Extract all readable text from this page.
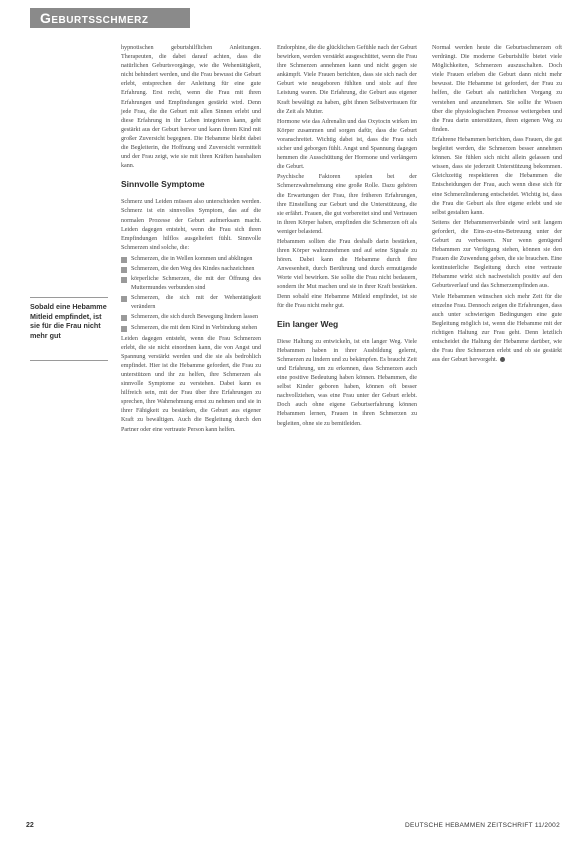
Geburtsschmerz
Sobald eine Hebamme Mitleid empfindet, ist sie für die Frau nicht mehr gut

hypnotischen geburtshilflichen Anleitungen. Therapeuten, die dabei darauf achten, dass die natürlichen Geburtsvorgänge, wie die Wehentätigkeit, nicht behindert werden, und die Frau bewusst die Geburt erlebt, entsprechen der Anleitung für eine gute Erfahrung. Erst recht, wenn die Frau mit ihren Erfahrungen und Empfindungen gestärkt wird. Denn jede Frau, die die Geburt mit allen Sinnen erlebt und diese Erfahrung in ihr Leben integrieren kann, geht gestärkt aus der Geburt hervor und kann ihrem Kind mit großer Zuversicht begegnen. Die Hebamme bleibt dabei die Begleiterin, die Hoffnung und Zuversicht vermittelt und der Frau zeigt, wie sie mit ihren Kräften haushalten kann.

Sinnvolle Symptome

Schmerz und Leiden müssen also unterschieden werden. Schmerz ist ein sinnvolles Symptom, das auf die normalen Prozesse der Geburt aufmerksam macht. Leiden dagegen entsteht, wenn die Frau sich ihren Empfindungen hilflos ausgeliefert fühlt. Sinnvolle Schmerzen sind solche, die:

Schmerzen, die in Wellen kommen und abklingen
Schmerzen, die den Weg des Kindes nachzeichnen
körperliche Schmerzen, die mit der Öffnung des Muttermundes verbunden sind
Schmerzen, die sich mit der Wehentätigkeit verändern
Schmerzen, die sich durch Bewegung lindern lassen
Schmerzen, die mit dem Kind in Verbindung stehen

Leiden dagegen entsteht, wenn die Frau Schmerzen erlebt, die sie nicht einordnen kann, die von Angst und Spannung verstärkt werden und die sie als bedrohlich empfindet. Hier ist die Hebamme gefordert, die Frau zu unterstützen und ihr zu helfen, ihre Schmerzen als sinnvolle Symptome zu verstehen. Dabei kann es hilfreich sein, mit der Frau über ihre Erfahrungen zu sprechen, ihre Wahrnehmung ernst zu nehmen und sie in ihrer Fähigkeit zu bestärken, die Geburt aus eigener Kraft zu bewältigen. Auch die Begleitung durch den Partner oder eine vertraute Person kann helfen.

Endorphine, die die glücklichen Gefühle nach der Geburt bewirken, werden verstärkt ausgeschüttet, wenn die Frau ihre Schmerzen annehmen kann und nicht gegen sie ankämpft. Viele Frauen berichten, dass sie sich nach der Geburt wie neugeboren fühlten und stolz auf ihre Leistung waren. Die Erfahrung, die Geburt aus eigener Kraft bewältigt zu haben, gibt ihnen Selbstvertrauen für die Zeit als Mutter.

Hormone wie das Adrenalin und das Oxytocin wirken im Körper zusammen und sorgen dafür, dass die Geburt voranschreitet. Wichtig dabei ist, dass die Frau sich sicher und geborgen fühlt. Angst und Spannung dagegen hemmen die Ausschüttung der Hormone und verlängern die Geburt.

Psychische Faktoren spielen bei der Schmerzwahrnehmung eine große Rolle. Dazu gehören die Erwartungen der Frau, ihre früheren Erfahrungen, ihre Einstellung zur Geburt und die Unterstützung, die sie erfährt. Frauen, die gut vorbereitet sind und Vertrauen in ihren Körper haben, empfinden die Schmerzen oft als weniger belastend.

Hebammen sollten die Frau deshalb darin bestärken, ihren Körper wahrzunehmen und auf seine Signale zu hören. Dabei kann die Hebamme durch ihre Anwesenheit, durch Berührung und durch ermutigende Worte viel bewirken. Sie sollte die Frau nicht bedauern, sondern ihr Mut machen und sie in ihrer Kraft bestärken. Denn sobald eine Hebamme Mitleid empfindet, ist sie für die Frau nicht mehr gut.

Ein langer Weg

Diese Haltung zu entwickeln, ist ein langer Weg. Viele Hebammen haben in ihrer Ausbildung gelernt, Schmerzen zu lindern und zu bekämpfen. Es braucht Zeit und Erfahrung, um zu erkennen, dass Schmerzen auch eine positive Bedeutung haben können. Hebammen, die selbst Kinder geboren haben, können oft besser nachvollziehen, was eine Frau unter der Geburt erlebt. Doch auch ohne eigene Geburtserfahrung können Hebammen lernen, Frauen in ihren Schmerzen zu begleiten, ohne sie zu bemitleiden.

Normal werden heute die Geburtsschmerzen oft verdrängt. Die moderne Geburtshilfe bietet viele Möglichkeiten, Schmerzen auszuschalten. Doch viele Frauen erleben die Geburt dann nicht mehr bewusst. Die Hebamme ist gefordert, der Frau zu helfen, die Geburt als natürlichen Vorgang zu verstehen und anzunehmen. Sie sollte ihr Wissen über die physiologischen Prozesse weitergeben und die Frau darin unterstützen, ihren eigenen Weg zu finden.

Erfahrene Hebammen berichten, dass Frauen, die gut begleitet werden, die Schmerzen besser annehmen können. Sie fühlen sich nicht allein gelassen und wissen, dass sie jederzeit Unterstützung bekommen. Gleichzeitig respektieren die Hebammen die Entscheidungen der Frau, auch wenn diese sich für eine Schmerzlinderung entscheidet. Wichtig ist, dass die Frau die Geburt als ihre eigene erlebt und sie selbst gestalten kann.

Seitens der Hebammenverbände wird seit langem gefordert, die Eins-zu-eins-Betreuung unter der Geburt zu verbessern. Nur wenn genügend Hebammen zur Verfügung stehen, können sie den Frauen die Zuwendung geben, die sie brauchen. Eine kontinuierliche Begleitung durch eine vertraute Hebamme wirkt sich nachweislich positiv auf den Geburtsverlauf und das Schmerzempfinden aus.

Viele Hebammen wünschen sich mehr Zeit für die einzelne Frau. Dennoch zeigen die Erfahrungen, dass auch unter schwierigen Bedingungen eine gute Begleitung möglich ist, wenn die Hebamme mit der richtigen Haltung zur Frau geht. Denn letztlich entscheidet die Haltung der Hebamme darüber, wie die Frau ihre Schmerzen erlebt und ob sie gestärkt aus der Geburt hervorgeht.

22	DEUTSCHE HEBAMMEN ZEITSCHRIFT 11/2002
